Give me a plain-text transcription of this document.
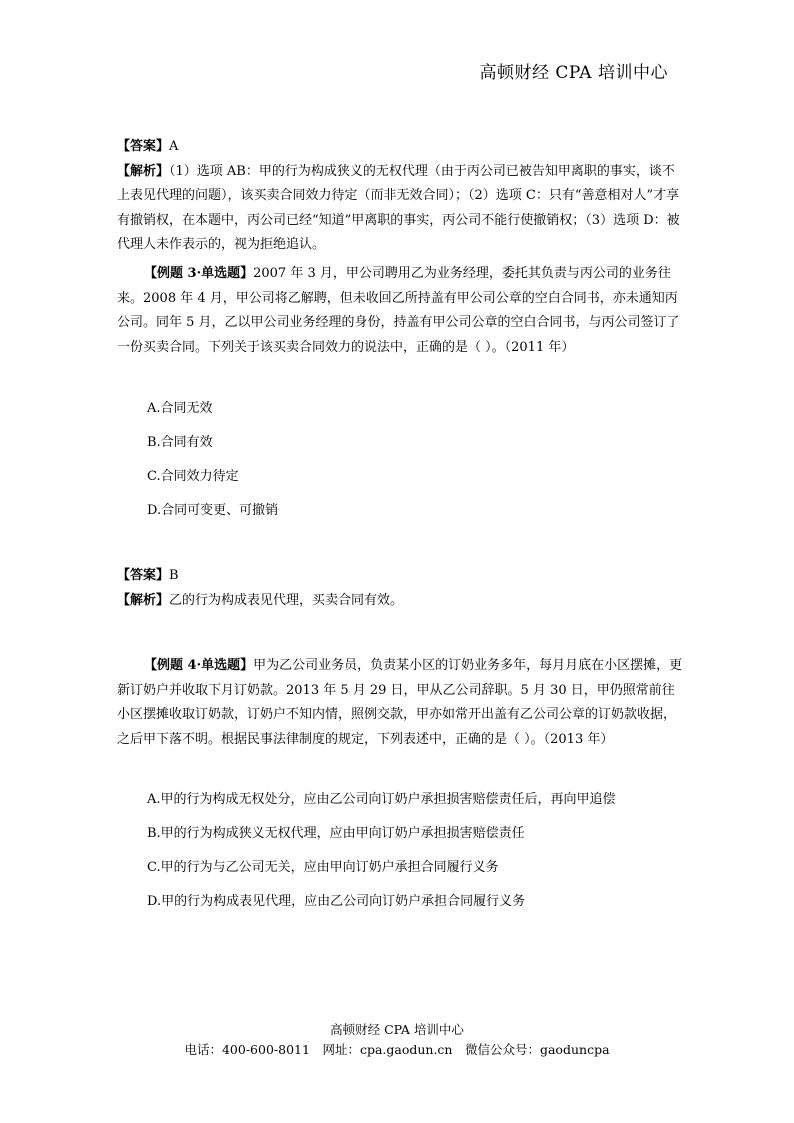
高顿财经 CPA 培训中心

【答案】A

【解析】（1）选项 AB：甲的行为构成狭义的无权代理（由于丙公司已被告知甲离职的事实，谈不上表见代理的问题），该买卖合同效力待定（而非无效合同）；（2）选项 C：只有“善意相对人”才享有撤销权，在本题中，丙公司已经“知道”甲离职的事实，丙公司不能行使撤销权；（3）选项 D：被代理人未作表示的，视为拒绝追认。

【例题 3·单选题】2007 年 3 月，甲公司聘用乙为业务经理，委托其负责与丙公司的业务往来。2008 年 4 月，甲公司将乙解聘，但未收回乙所持盖有甲公司公章的空白合同书，亦未通知丙公司。同年 5 月，乙以甲公司业务经理的身份，持盖有甲公司公章的空白合同书，与丙公司签订了一份买卖合同。下列关于该买卖合同效力的说法中，正确的是（ ）。（2011 年）

A.合同无效
B.合同有效
C.合同效力待定
D.合同可变更、可撤销

【答案】B

【解析】乙的行为构成表见代理，买卖合同有效。

【例题 4·单选题】甲为乙公司业务员，负责某小区的订奶业务多年，每月月底在小区摆摊，更新订奶户并收取下月订奶款。2013 年 5 月 29 日，甲从乙公司辞职。5 月 30 日，甲仍照常前往小区摆摊收取订奶款，订奶户不知内情，照例交款，甲亦如常开出盖有乙公司公章的订奶款收据，之后甲下落不明。根据民事法律制度的规定，下列表述中，正确的是（ ）。（2013 年）

A.甲的行为构成无权处分，应由乙公司向订奶户承担损害赔偿责任后，再向甲追偿
B.甲的行为构成狭义无权代理，应由甲向订奶户承担损害赔偿责任
C.甲的行为与乙公司无关，应由甲向订奶户承担合同履行义务
D.甲的行为构成表见代理，应由乙公司向订奶户承担合同履行义务
高顿财经 CPA 培训中心
电话：400-600-8011　网址：cpa.gaodun.cn　微信公众号：gaoduncpa
